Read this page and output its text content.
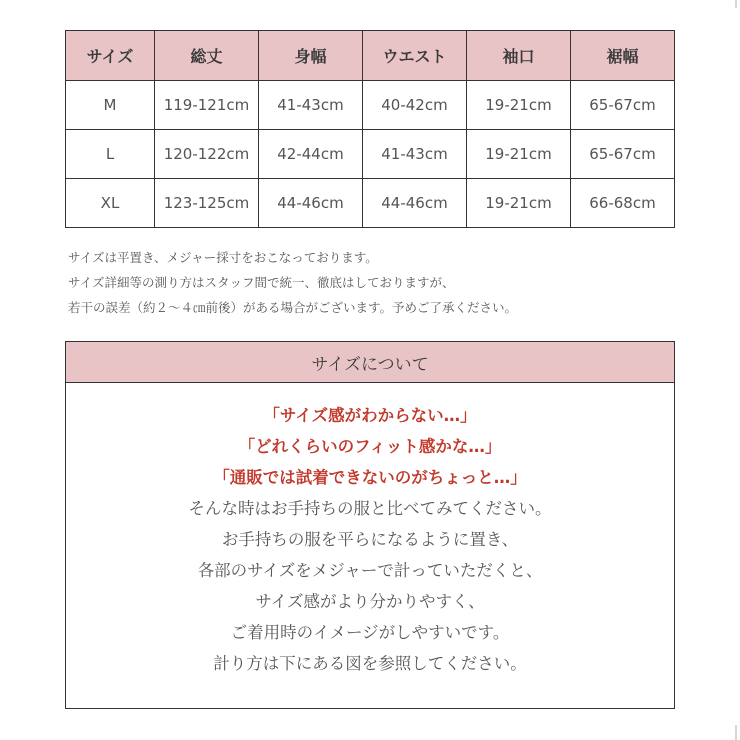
サイズ	総丈	身幅	ウエスト	袖口	裾幅
M	119-121cm	41-43cm	40-42cm	19-21cm	65-67cm
L	120-122cm	42-44cm	41-43cm	19-21cm	65-67cm
XL	123-125cm	44-46cm	44-46cm	19-21cm	66-68cm

サイズは平置き、メジャー採寸をおこなっております。

サイズ詳細等の測り方はスタッフ間で統一、徹底はしておりますが、

若干の誤差（約２～４㎝前後）がある場合がございます。予めご了承ください。

サイズについて

「サイズ感がわからない…」

「どれくらいのフィット感かな…」

「通販では試着できないのがちょっと…」

そんな時はお手持ちの服と比べてみてください。

お手持ちの服を平らになるように置き、

各部のサイズをメジャーで計っていただくと、

サイズ感がより分かりやすく、

ご着用時のイメージがしやすいです。

計り方は下にある図を参照してください。
